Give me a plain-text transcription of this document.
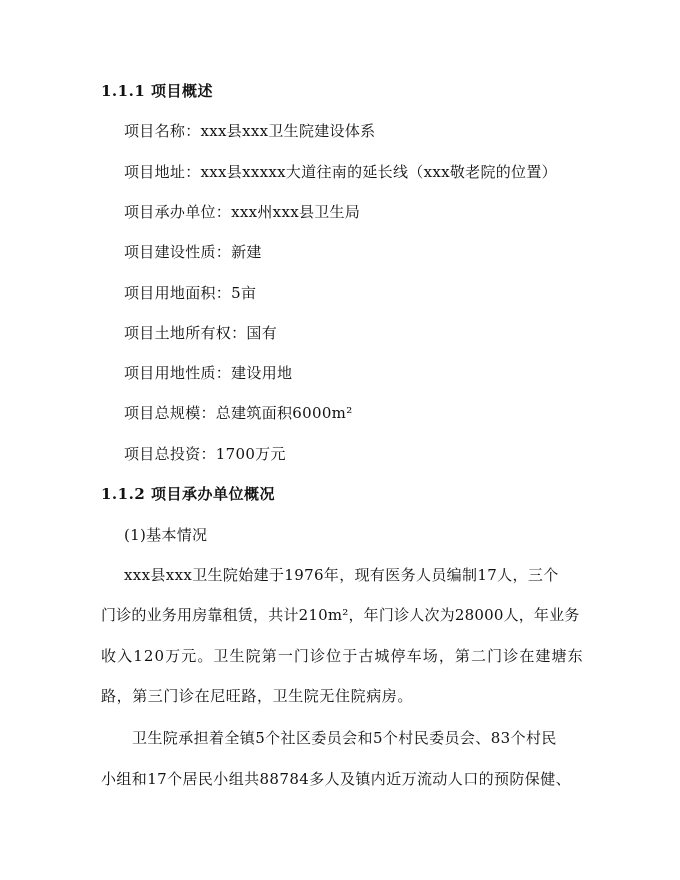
1.1.1 项目概述
项目名称：xxx县xxx卫生院建设体系
项目地址：xxx县xxxxx大道往南的延长线（xxx敬老院的位置）
项目承办单位：xxx州xxx县卫生局
项目建设性质：新建
项目用地面积：5亩
项目土地所有权：国有
项目用地性质：建设用地
项目总规模：总建筑面积6000m²
项目总投资：1700万元
1.1.2 项目承办单位概况
(1)基本情况
xxx县xxx卫生院始建于1976年，现有医务人员编制17人，三个
门诊的业务用房靠租赁，共计210m²，年门诊人次为28000人，年业务
收入120万元。卫生院第一门诊位于古城停车场，第二门诊在建塘东
路，第三门诊在尼旺路，卫生院无住院病房。
卫生院承担着全镇5个社区委员会和5个村民委员会、83个村民
小组和17个居民小组共88784多人及镇内近万流动人口的预防保健、
